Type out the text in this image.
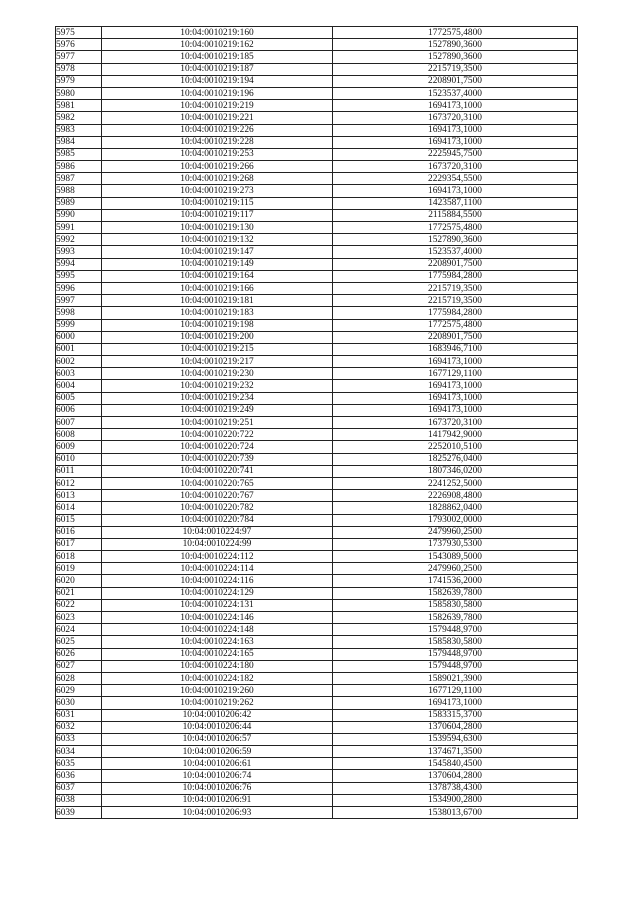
5975	10:04:0010219:160	1772575,4800
5976	10:04:0010219:162	1527890,3600
5977	10:04:0010219:185	1527890,3600
5978	10:04:0010219:187	2215719,3500
5979	10:04:0010219:194	2208901,7500
5980	10:04:0010219:196	1523537,4000
5981	10:04:0010219:219	1694173,1000
5982	10:04:0010219:221	1673720,3100
5983	10:04:0010219:226	1694173,1000
5984	10:04:0010219:228	1694173,1000
5985	10:04:0010219:253	2225945,7500
5986	10:04:0010219:266	1673720,3100
5987	10:04:0010219:268	2229354,5500
5988	10:04:0010219:273	1694173,1000
5989	10:04:0010219:115	1423587,1100
5990	10:04:0010219:117	2115884,5500
5991	10:04:0010219:130	1772575,4800
5992	10:04:0010219:132	1527890,3600
5993	10:04:0010219:147	1523537,4000
5994	10:04:0010219:149	2208901,7500
5995	10:04:0010219:164	1775984,2800
5996	10:04:0010219:166	2215719,3500
5997	10:04:0010219:181	2215719,3500
5998	10:04:0010219:183	1775984,2800
5999	10:04:0010219:198	1772575,4800
6000	10:04:0010219:200	2208901,7500
6001	10:04:0010219:215	1683946,7100
6002	10:04:0010219:217	1694173,1000
6003	10:04:0010219:230	1677129,1100
6004	10:04:0010219:232	1694173,1000
6005	10:04:0010219:234	1694173,1000
6006	10:04:0010219:249	1694173,1000
6007	10:04:0010219:251	1673720,3100
6008	10:04:0010220:722	1417942,9000
6009	10:04:0010220:724	2252010,5100
6010	10:04:0010220:739	1825276,0400
6011	10:04:0010220:741	1807346,0200
6012	10:04:0010220:765	2241252,5000
6013	10:04:0010220:767	2226908,4800
6014	10:04:0010220:782	1828862,0400
6015	10:04:0010220:784	1793002,0000
6016	10:04:0010224:97	2479960,2500
6017	10:04:0010224:99	1737930,5300
6018	10:04:0010224:112	1543089,5000
6019	10:04:0010224:114	2479960,2500
6020	10:04:0010224:116	1741536,2000
6021	10:04:0010224:129	1582639,7800
6022	10:04:0010224:131	1585830,5800
6023	10:04:0010224:146	1582639,7800
6024	10:04:0010224:148	1579448,9700
6025	10:04:0010224:163	1585830,5800
6026	10:04:0010224:165	1579448,9700
6027	10:04:0010224:180	1579448,9700
6028	10:04:0010224:182	1589021,3900
6029	10:04:0010219:260	1677129,1100
6030	10:04:0010219:262	1694173,1000
6031	10:04:0010206:42	1583315,3700
6032	10:04:0010206:44	1370604,2800
6033	10:04:0010206:57	1539594,6300
6034	10:04:0010206:59	1374671,3500
6035	10:04:0010206:61	1545840,4500
6036	10:04:0010206:74	1370604,2800
6037	10:04:0010206:76	1378738,4300
6038	10:04:0010206:91	1534900,2800
6039	10:04:0010206:93	1538013,6700
